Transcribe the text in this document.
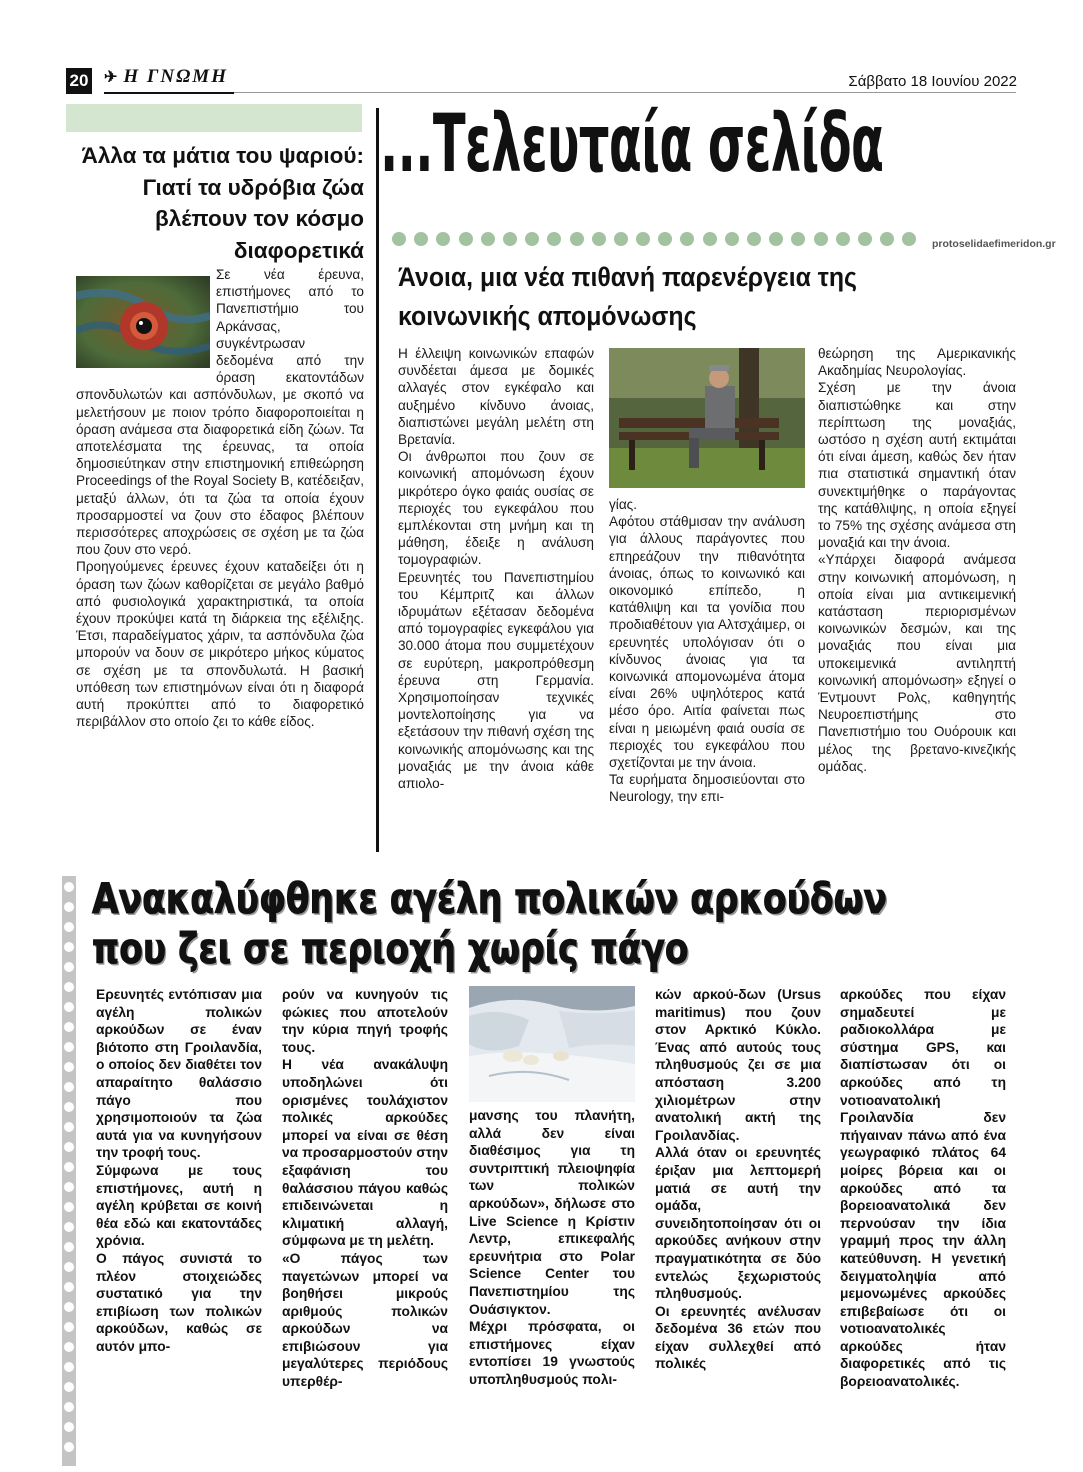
20 ✈ Η ΓΝΩΜΗ	Σάββατο 18 Ιουνίου 2022
...Τελευταία σελίδα
protoselidaefimeridon.gr
Άλλα τα μάτια του ψαριού: Γιατί τα υδρόβια ζώα βλέπουν τον κόσμο διαφορετικά

Σε νέα έρευνα, επιστήμονες από το Πανεπιστήμιο του Αρκάνσας, συγκέντρωσαν δεδομένα από την όραση εκατοντάδων σπονδυλωτών και ασπόνδυλων, με σκοπό να μελετήσουν με ποιον τρόπο διαφοροποιείται η όραση ανάμεσα στα διαφορετικά είδη ζώων. Τα αποτελέσματα της έρευνας, τα οποία δημοσιεύτηκαν στην επιστημονική επιθεώρηση Proceedings of the Royal Society B, κατέδειξαν, μεταξύ άλλων, ότι τα ζώα τα οποία έχουν προσαρμοστεί να ζουν στο έδαφος βλέπουν περισσότερες αποχρώσεις σε σχέση με τα ζώα που ζουν στο νερό.

Προηγούμενες έρευνες έχουν καταδείξει ότι η όραση των ζώων καθορίζεται σε μεγάλο βαθμό από φυσιολογικά χαρακτηριστικά, τα οποία έχουν προκύψει κατά τη διάρκεια της εξέλιξης. Έτσι, παραδείγματος χάριν, τα ασπόνδυλα ζώα μπορούν να δουν σε μικρότερο μήκος κύματος σε σχέση με τα σπονδυλωτά. Η βασική υπόθεση των επιστημόνων είναι ότι η διαφορά αυτή προκύπτει από το διαφορετικό περιβάλλον στο οποίο ζει το κάθε είδος.

Άνοια, μια νέα πιθανή παρενέργεια της κοινωνικής απομόνωσης

Η έλλειψη κοινωνικών επαφών συνδέεται άμεσα με δομικές αλλαγές στον εγκέφαλο και αυξημένο κίνδυνο άνοιας, διαπιστώνει μεγάλη μελέτη στη Βρετανία.

Οι άνθρωποι που ζουν σε κοινωνική απομόνωση έχουν μικρότερο όγκο φαιάς ουσίας σε περιοχές του εγκεφάλου που εμπλέκονται στη μνήμη και τη μάθηση, έδειξε η ανάλυση τομογραφιών.

Ερευνητές του Πανεπιστημίου του Κέμπριτζ και άλλων ιδρυμάτων εξέτασαν δεδομένα από τομογραφίες εγκεφάλου για 30.000 άτομα που συμμετέχουν σε ευρύτερη, μακροπρόθεσμη έρευνα στη Γερμανία. Χρησιμοποίησαν τεχνικές μοντελοποίησης για να εξετάσουν την πιθανή σχέση της κοινωνικής απομόνωσης και της μοναξιάς με την άνοια κάθε απιολο-

γίας.

Αφότου στάθμισαν την ανάλυση για άλλους παράγοντες που επηρεάζουν την πιθανότητα άνοιας, όπως το κοινωνικό και οικονομικό επίπεδο, η κατάθλιψη και τα γονίδια που προδιαθέτουν για Αλτσχάιμερ, οι ερευνητές υπολόγισαν ότι ο κίνδυνος άνοιας για τα κοινωνικά απομονωμένα άτομα είναι 26% υψηλότερος κατά μέσο όρο. Αιτία φαίνεται πως είναι η μειωμένη φαιά ουσία σε περιοχές του εγκεφάλου που σχετίζονται με την άνοια.

Τα ευρήματα δημοσιεύονται στο Neurology, την επι-

θεώρηση της Αμερικανικής Ακαδημίας Νευρολογίας.

Σχέση με την άνοια διαπιστώθηκε και στην περίπτωση της μοναξιάς, ωστόσο η σχέση αυτή εκτιμάται ότι είναι άμεση, καθώς δεν ήταν πια στατιστικά σημαντική όταν συνεκτιμήθηκε ο παράγοντας της κατάθλιψης, η οποία εξηγεί το 75% της σχέσης ανάμεσα στη μοναξιά και την άνοια.

«Υπάρχει διαφορά ανάμεσα στην κοινωνική απομόνωση, η οποία είναι μια αντικειμενική κατάσταση περιορισμένων κοινωνικών δεσμών, και της μοναξιάς που είναι μια υποκειμενικά αντιληπτή κοινωνική απομόνωση» εξηγεί ο Έντμουντ Ρολς, καθηγητής Νευροεπιστήμης στο Πανεπιστήμιο του Ουόρουικ και μέλος της βρετανο-κινεζικής ομάδας.

Ανακαλύφθηκε αγέλη πολικών αρκούδων
που ζει σε περιοχή χωρίς πάγο

Ερευνητές εντόπισαν μια αγέλη πολικών αρκούδων σε έναν βιότοπο στη Γροιλανδία, ο οποίος δεν διαθέτει τον απαραίτητο θαλάσσιο πάγο που χρησιμοποιούν τα ζώα αυτά για να κυνηγήσουν την τροφή τους.

Σύμφωνα με τους επιστήμονες, αυτή η αγέλη κρύβεται σε κοινή θέα εδώ και εκατοντάδες χρόνια.

Ο πάγος συνιστά το πλέον στοιχειώδες συστατικό για την επιβίωση των πολικών αρκούδων, καθώς σε αυτόν μπο-

ρούν να κυνηγούν τις φώκιες που αποτελούν την κύρια πηγή τροφής τους.

Η νέα ανακάλυψη υποδηλώνει ότι ορισμένες τουλάχιστον πολικές αρκούδες μπορεί να είναι σε θέση να προσαρμοστούν στην εξαφάνιση του θαλάσσιου πάγου καθώς επιδεινώνεται η κλιματική αλλαγή, σύμφωνα με τη μελέτη.

«Ο πάγος των παγετώνων μπορεί να βοηθήσει μικρούς αριθμούς πολικών αρκούδων να επιβιώσουν για μεγαλύτερες περιόδους υπερθέρ-

μανσης του πλανήτη, αλλά δεν είναι διαθέσιμος για τη συντριπτική πλειοψηφία των πολικών αρκούδων», δήλωσε στο Live Science η Κρίστιν Λεντρ, επικεφαλής ερευνήτρια στο Polar Science Center του Πανεπιστημίου της Ουάσιγκτον.

Μέχρι πρόσφατα, οι επιστήμονες είχαν εντοπίσει 19 γνωστούς υποπληθυσμούς πολι-

κών αρκού-δων (Ursus maritimus) που ζουν στον Αρκτικό Κύκλο. Ένας από αυτούς τους πληθυσμούς ζει σε μια απόσταση 3.200 χιλιομέτρων στην ανατολική ακτή της Γροιλανδίας.

Αλλά όταν οι ερευνητές έριξαν μια λεπτομερή ματιά σε αυτή την ομάδα, συνειδητοποίησαν ότι οι αρκούδες ανήκουν στην πραγματικότητα σε δύο εντελώς ξεχωριστούς πληθυσμούς.

Οι ερευνητές ανέλυσαν δεδομένα 36 ετών που είχαν συλλεχθεί από πολικές

αρκούδες που είχαν σημαδευτεί με ραδιοκολλάρα με σύστημα GPS, και διαπίστωσαν ότι οι αρκούδες από τη νοτιοανατολική Γροιλανδία δεν πήγαιναν πάνω από ένα γεωγραφικό πλάτος 64 μοίρες βόρεια και οι αρκούδες από τα βορειοανατολικά δεν περνούσαν την ίδια γραμμή προς την άλλη κατεύθυνση. Η γενετική δειγματοληψία από μεμονωμένες αρκούδες επιβεβαίωσε ότι οι νοτιοανατολικές αρκούδες ήταν διαφορετικές από τις βορειοανατολικές.
